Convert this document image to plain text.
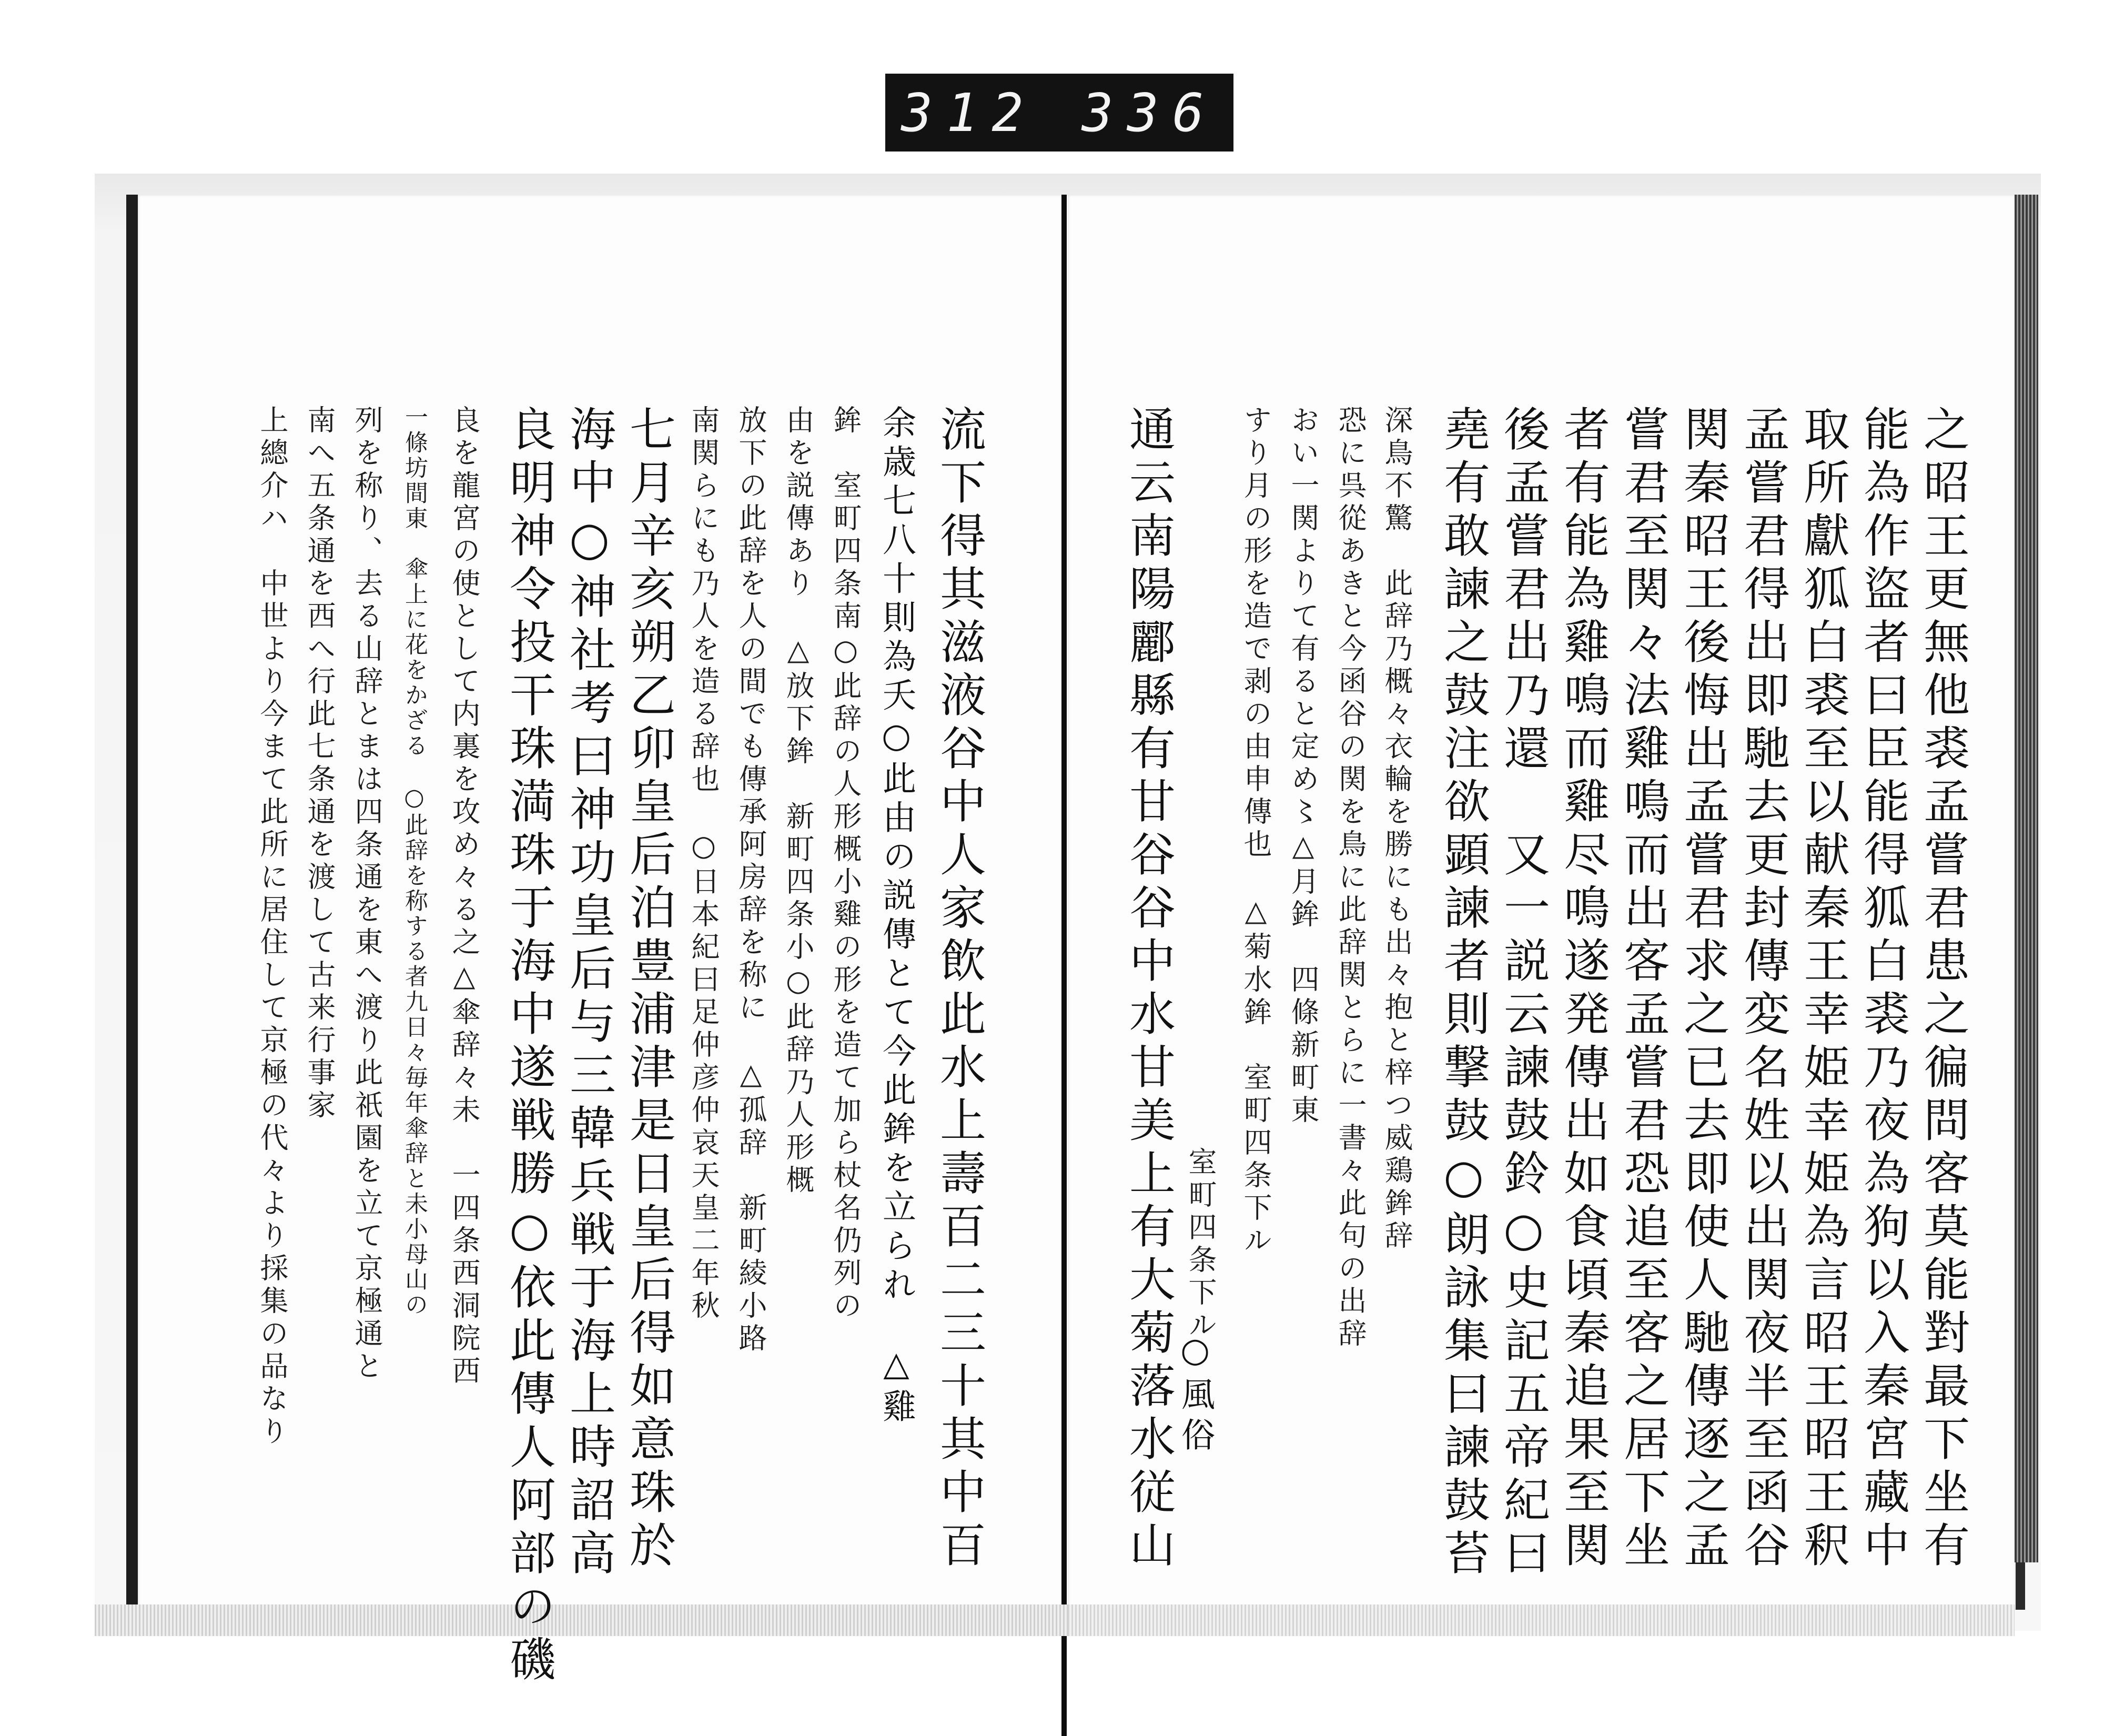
312 336
之昭王更無他裘孟嘗君患之徧問客莫能對最下坐有
能為作盜者曰臣能得狐白裘乃夜為狗以入秦宮藏中
取所獻狐白裘至以献秦王幸姫幸姫為言昭王昭王釈
孟嘗君得出即馳去更封傳変名姓以出関夜半至函谷
関秦昭王後悔出孟嘗君求之已去即使人馳傳逐之孟
嘗君至関々法雞鳴而出客孟嘗君恐追至客之居下坐
者有能為雞鳴而雞尽鳴遂発傳出如食頃秦追果至関
後孟嘗君出乃還　又一説云諫鼓鈴○史記五帝紀曰
堯有敢諫之鼓注欲顕諫者則撃鼓○朗詠集曰諫鼓苔
深鳥不驚　此辞乃概々衣輪を勝にも出々抱と梓つ威鶏鉾辞
恐に呉從あきと今函谷の関を鳥に此辞関とらに一書々此句の出辞
おい一関よりて有ると定め〻△月鉾　四條新町東
すり月の形を造で剥の由申傳也　△菊水鉾　室町四条下ル
通云南陽酈縣有甘谷谷中水甘美上有大菊落水従山 室町四条下ル
○風俗
流下得其滋液谷中人家飲此水上壽百二三十其中百
余歳七八十則為夭○此由の説傳とて今此鉾を立られ　△雞
鉾　室町四条南○此辞の人形概小雞の形を造て加ら杖名仍列の
由を説傳あり　△放下鉾　新町四条小○此辞乃人形概
放下の此辞を人の間でも傳承阿房辞を称に　△孤辞　新町綾小路
南関らにも乃人を造る辞也　○日本紀曰足仲彦仲哀天皇二年秋
七月辛亥朔乙卯皇后泊豊浦津是日皇后得如意珠於
海中○神社考曰神功皇后与三韓兵戦于海上時詔高
良明神令投干珠満珠于海中遂戦勝○依此傳人阿部の磯
良を龍宮の使として内裏を攻め々る之△傘辞々未　一四条西洞院西
一條坊間東　傘上に花をかざる　○此辞を称する者九日々毎年傘辞と未小母山の
列を称り、去る山辞とまは四条通を東へ渡り此祇園を立て京極通と
南へ五条通を西へ行此七条通を渡して古来行事家
上總介ハ　中世より今まて此所に居住して京極の代々より採集の品なり
